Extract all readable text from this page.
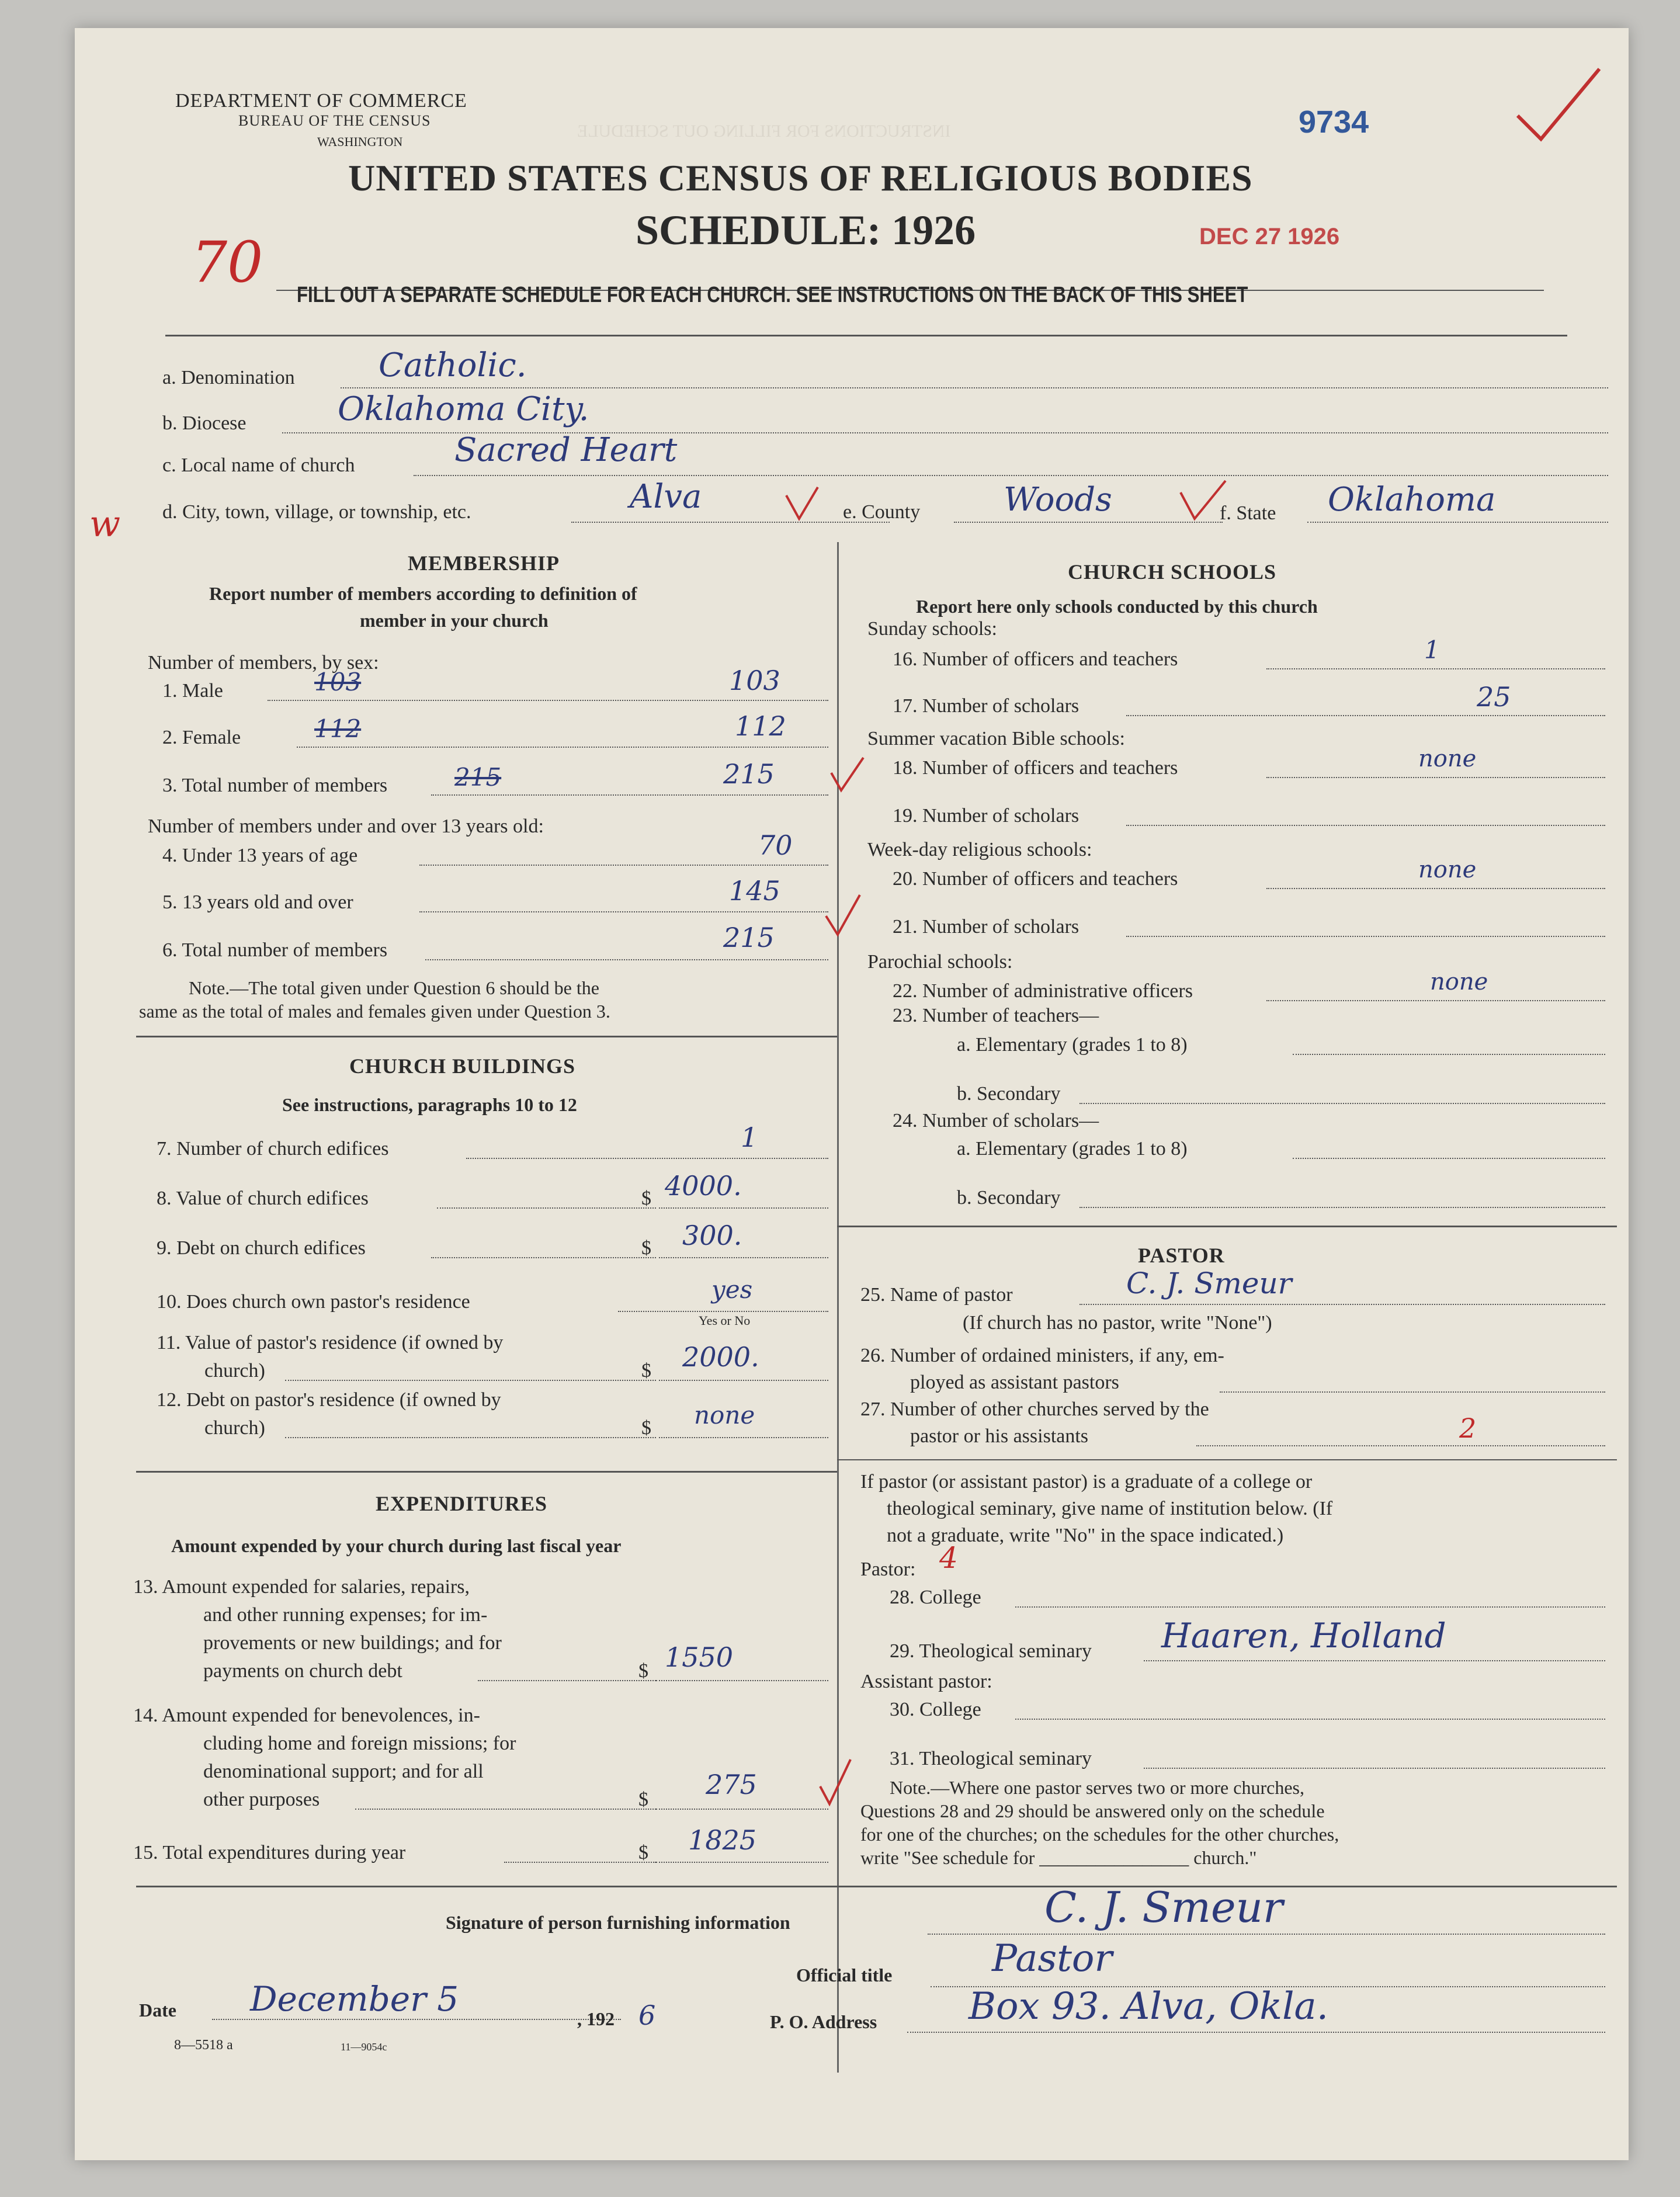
INSTRUCTIONS FOR FILLING OUT SCHEDULE
DEPARTMENT OF COMMERCE
BUREAU OF THE CENSUS
WASHINGTON
9734
UNITED STATES CENSUS OF RELIGIOUS BODIES
SCHEDULE: 1926	DEC 27 1926
70 FILL OUT A SEPARATE SCHEDULE FOR EACH CHURCH. SEE INSTRUCTIONS ON THE BACK OF THIS SHEET
a. Denomination	Catholic.
b. Diocese	Oklahoma City.
c. Local name of church	Sacred Heart
w d. City, town, village, or township, etc.	Alva	e. County	Woods	f. State Oklahoma
MEMBERSHIP
Report number of members according to definition of
member in your church
Number of members, by sex:
1. Male	103	103
2. Female	112	112
3. Total number of members	215	215
Number of members under and over 13 years old:
4. Under 13 years of age	70
5. 13 years old and over	145
6. Total number of members	215
Note.—The total given under Question 6 should be the
same as the total of males and females given under Question 3.
CHURCH BUILDINGS
See instructions, paragraphs 10 to 12
7. Number of church edifices	1
8. Value of church edifices	$ 4000.
9. Debt on church edifices	$ 300.
10. Does church own pastor's residence	yes
Yes or No
11. Value of pastor's residence (if owned by
church)	$ 2000.
12. Debt on pastor's residence (if owned by
church)	$ none
EXPENDITURES
Amount expended by your church during last fiscal year
13. Amount expended for salaries, repairs,
and other running expenses; for im-
provements or new buildings; and for
payments on church debt	$ 1550
14. Amount expended for benevolences, in-
cluding home and foreign missions; for
denominational support; and for all
other purposes	$ 275
15. Total expenditures during year	$ 1825
CHURCH SCHOOLS
Report here only schools conducted by this church
Sunday schools:
16. Number of officers and teachers	1
17. Number of scholars	25
Summer vacation Bible schools:
18. Number of officers and teachers	none
19. Number of scholars
Week-day religious schools:
20. Number of officers and teachers	none
21. Number of scholars
Parochial schools:
22. Number of administrative officers	none
23. Number of teachers—
a. Elementary (grades 1 to 8)
b. Secondary
24. Number of scholars—
a. Elementary (grades 1 to 8)
b. Secondary
PASTOR
25. Name of pastor	C. J. Smeur
(If church has no pastor, write "None")
26. Number of ordained ministers, if any, em-
ployed as assistant pastors
27. Number of other churches served by the
pastor or his assistants	2
If pastor (or assistant pastor) is a graduate of a college or
theological seminary, give name of institution below. (If
not a graduate, write "No" in the space indicated.)
Pastor: 4
28. College
29. Theological seminary Haaren, Holland
Assistant pastor:
30. College
31. Theological seminary
Note.—Where one pastor serves two or more churches,
Questions 28 and 29 should be answered only on the schedule
for one of the churches; on the schedules for the other churches,
write "See schedule for ________________ church."
Signature of person furnishing information	C. J. Smeur
Official title	Pastor
Date December 5	, 192 6	P. O. Address Box 93. Alva, Okla.
8—5518 a	11—9054c
